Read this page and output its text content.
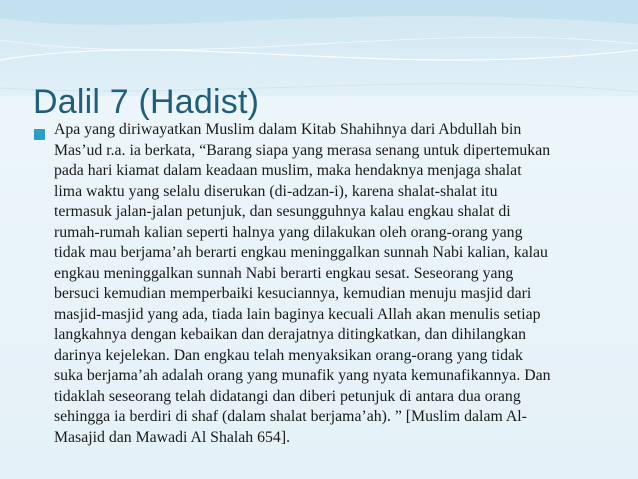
Dalil 7 (Hadist)

Apa yang diriwayatkan Muslim dalam Kitab Shahihnya dari Abdullah bin
Mas’ud r.a. ia berkata, “Barang siapa yang merasa senang untuk dipertemukan
pada hari kiamat dalam keadaan muslim, maka hendaknya menjaga shalat
lima waktu yang selalu diserukan (di-adzan-i), karena shalat-shalat itu
termasuk jalan-jalan petunjuk, dan sesungguhnya kalau engkau shalat di
rumah-rumah kalian seperti halnya yang dilakukan oleh orang-orang yang
tidak mau berjama’ah berarti engkau meninggalkan sunnah Nabi kalian, kalau
engkau meninggalkan sunnah Nabi berarti engkau sesat. Seseorang yang
bersuci kemudian memperbaiki kesuciannya, kemudian menuju masjid dari
masjid-masjid yang ada, tiada lain baginya kecuali Allah akan menulis setiap
langkahnya dengan kebaikan dan derajatnya ditingkatkan, dan dihilangkan
darinya kejelekan. Dan engkau telah menyaksikan orang-orang yang tidak
suka berjama’ah adalah orang yang munafik yang nyata kemunafikannya. Dan
tidaklah seseorang telah didatangi dan diberi petunjuk di antara dua orang
sehingga ia berdiri di shaf (dalam shalat berjama’ah). ” [Muslim dalam Al-
Masajid dan Mawadi Al Shalah 654].
